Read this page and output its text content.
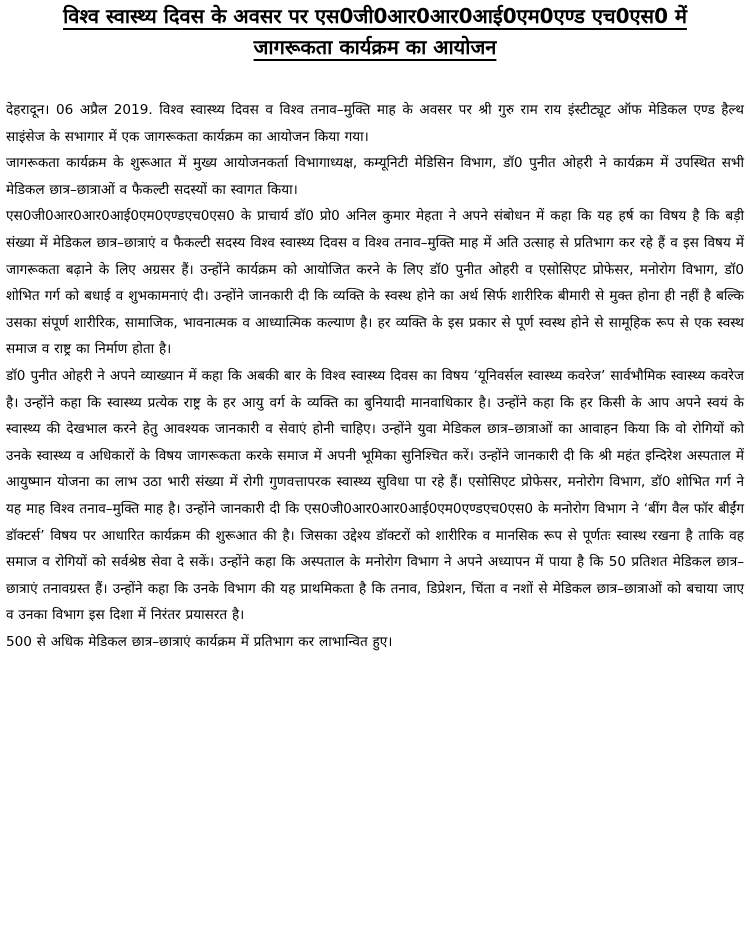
विश्व स्वास्थ्य दिवस के अवसर पर एस0जी0आर0आर0आई0एम0एण्ड एच0एस0 में
जागरूकता कार्यक्रम का आयोजन

देहरादून। 06 अप्रैल 2019. विश्व स्वास्थ्य दिवस व विश्व तनाव–मुक्ति माह के अवसर पर श्री गुरु राम राय इंस्टीट्यूट ऑफ मेडिकल एण्ड हैल्थ साइंसेज के सभागार में एक जागरूकता कार्यक्रम का आयोजन किया गया।

जागरूकता कार्यक्रम के शुरूआत में मुख्य आयोजनकर्ता विभागाध्यक्ष, कम्यूनिटी मेडिसिन विभाग, डॉ0 पुनीत ओहरी ने कार्यक्रम में उपस्थित सभी मेडिकल छात्र–छात्राओं व फैकल्टी सदस्यों का स्वागत किया।

एस0जी0आर0आर0आई0एम0एण्डएच0एस0 के प्राचार्य डॉ0 प्रो0 अनिल कुमार मेहता ने अपने संबोधन में कहा कि यह हर्ष का विषय है कि बड़ी संख्या में मेडिकल छात्र–छात्राएं व फैकल्टी सदस्य विश्व स्वास्थ्य दिवस व विश्व तनाव–मुक्ति माह में अति उत्साह से प्रतिभाग कर रहे हैं व इस विषय में जागरूकता बढ़ाने के लिए अग्रसर हैं। उन्होंने कार्यक्रम को आयोजित करने के लिए डॉ0 पुनीत ओहरी व एसोसिएट प्रोफेसर, मनोरोग विभाग, डॉ0 शोभित गर्ग को बधाई व शुभकामनाएं दी। उन्होंने जानकारी दी कि व्यक्ति के स्वस्थ होने का अर्थ सिर्फ शारीरिक बीमारी से मुक्त होना ही नहीं है बल्कि उसका संपूर्ण शारीरिक, सामाजिक, भावनात्मक व आध्यात्मिक कल्याण है। हर व्यक्ति के इस प्रकार से पूर्ण स्वस्थ होने से सामूहिक रूप से एक स्वस्थ समाज व राष्ट्र का निर्माण होता है।

डॉ0 पुनीत ओहरी ने अपने व्याख्यान में कहा कि अबकी बार के विश्व स्वास्थ्य दिवस का विषय ‘यूनिवर्सल स्वास्थ्य कवरेज’ सार्वभौमिक स्वास्थ्य कवरेज है। उन्होंने कहा कि स्वास्थ्य प्रत्येक राष्ट्र के हर आयु वर्ग के व्यक्ति का बुनियादी मानवाधिकार है। उन्होंने कहा कि हर किसी के आप अपने स्वयं के स्वास्थ्य की देखभाल करने हेतु आवश्यक जानकारी व सेवाएं होनी चाहिए। उन्होंने युवा मेडिकल छात्र–छात्राओं का आवाहन किया कि वो रोगियों को उनके स्वास्थ्य व अधिकारों के विषय जागरूकता करके समाज में अपनी भूमिका सुनिश्चित करें। उन्होंने जानकारी दी कि श्री महंत इन्दिरेश अस्पताल में आयुष्मान योजना का लाभ उठा भारी संख्या में रोगी गुणवत्तापरक स्वास्थ्य सुविधा पा रहे हैं। एसोसिएट प्रोफेसर, मनोरोग विभाग, डॉ0 शोभित गर्ग ने यह माह विश्व तनाव–मुक्ति माह है। उन्होंने जानकारी दी कि एस0जी0आर0आर0आई0एम0एण्डएच0एस0 के मनोरोग विभाग ने ‘बींग वैल फॉर बीईंग डॉक्टर्स’ विषय पर आधारित कार्यक्रम की शुरूआत की है। जिसका उद्देश्य डॉक्टरों को शारीरिक व मानसिक रूप से पूर्णतः स्वास्थ रखना है ताकि वह समाज व रोगियों को सर्वश्रेष्ठ सेवा दे सकें। उन्होंने कहा कि अस्पताल के मनोरोग विभाग ने अपने अध्यापन में पाया है कि 50 प्रतिशत मेडिकल छात्र–छात्राएं तनावग्रस्त हैं। उन्होंने कहा कि उनके विभाग की यह प्राथमिकता है कि तनाव, डिप्रेशन, चिंता व नशों से मेडिकल छात्र–छात्राओं को बचाया जाए व उनका विभाग इस दिशा में निरंतर प्रयासरत है।

500 से अधिक मेडिकल छात्र–छात्राएं कार्यक्रम में प्रतिभाग कर लाभान्वित हुए।
